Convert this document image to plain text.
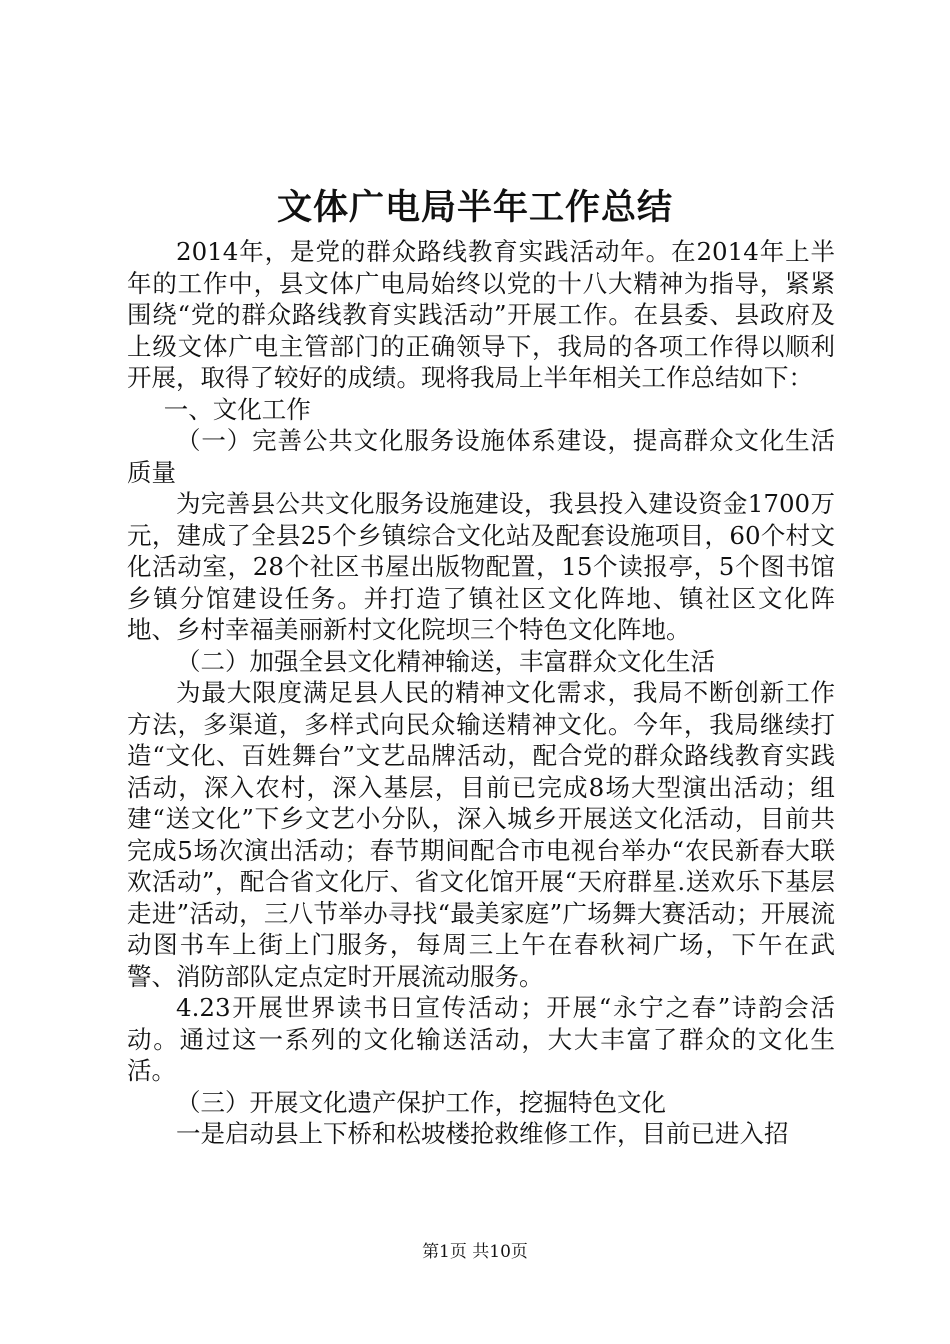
文体广电局半年工作总结

2014年，是党的群众路线教育实践活动年。在2014年上半年的工作中，县文体广电局始终以党的十八大精神为指导，紧紧围绕“党的群众路线教育实践活动”开展工作。在县委、县政府及上级文体广电主管部门的正确领导下，我局的各项工作得以顺利开展，取得了较好的成绩。现将我局上半年相关工作总结如下：

一、文化工作

（一）完善公共文化服务设施体系建设，提高群众文化生活质量

为完善县公共文化服务设施建设，我县投入建设资金1700万元，建成了全县25个乡镇综合文化站及配套设施项目，60个村文化活动室，28个社区书屋出版物配置，15个读报亭，5个图书馆乡镇分馆建设任务。并打造了镇社区文化阵地、镇社区文化阵地、乡村幸福美丽新村文化院坝三个特色文化阵地。

（二）加强全县文化精神输送，丰富群众文化生活

为最大限度满足县人民的精神文化需求，我局不断创新工作方法，多渠道，多样式向民众输送精神文化。今年，我局继续打造“文化、百姓舞台”文艺品牌活动，配合党的群众路线教育实践活动，深入农村，深入基层，目前已完成8场大型演出活动；组建“送文化”下乡文艺小分队，深入城乡开展送文化活动，目前共完成5场次演出活动；春节期间配合市电视台举办“农民新春大联欢活动”，配合省文化厅、省文化馆开展“天府群星.送欢乐下基层走进”活动，三八节举办寻找“最美家庭”广场舞大赛活动；开展流动图书车上街上门服务，每周三上午在春秋祠广场，下午在武警、消防部队定点定时开展流动服务。

4.23开展世界读书日宣传活动；开展“永宁之春”诗韵会活动。通过这一系列的文化输送活动，大大丰富了群众的文化生活。

（三）开展文化遗产保护工作，挖掘特色文化

一是启动县上下桥和松坡楼抢救维修工作，目前已进入招

第1页 共10页
